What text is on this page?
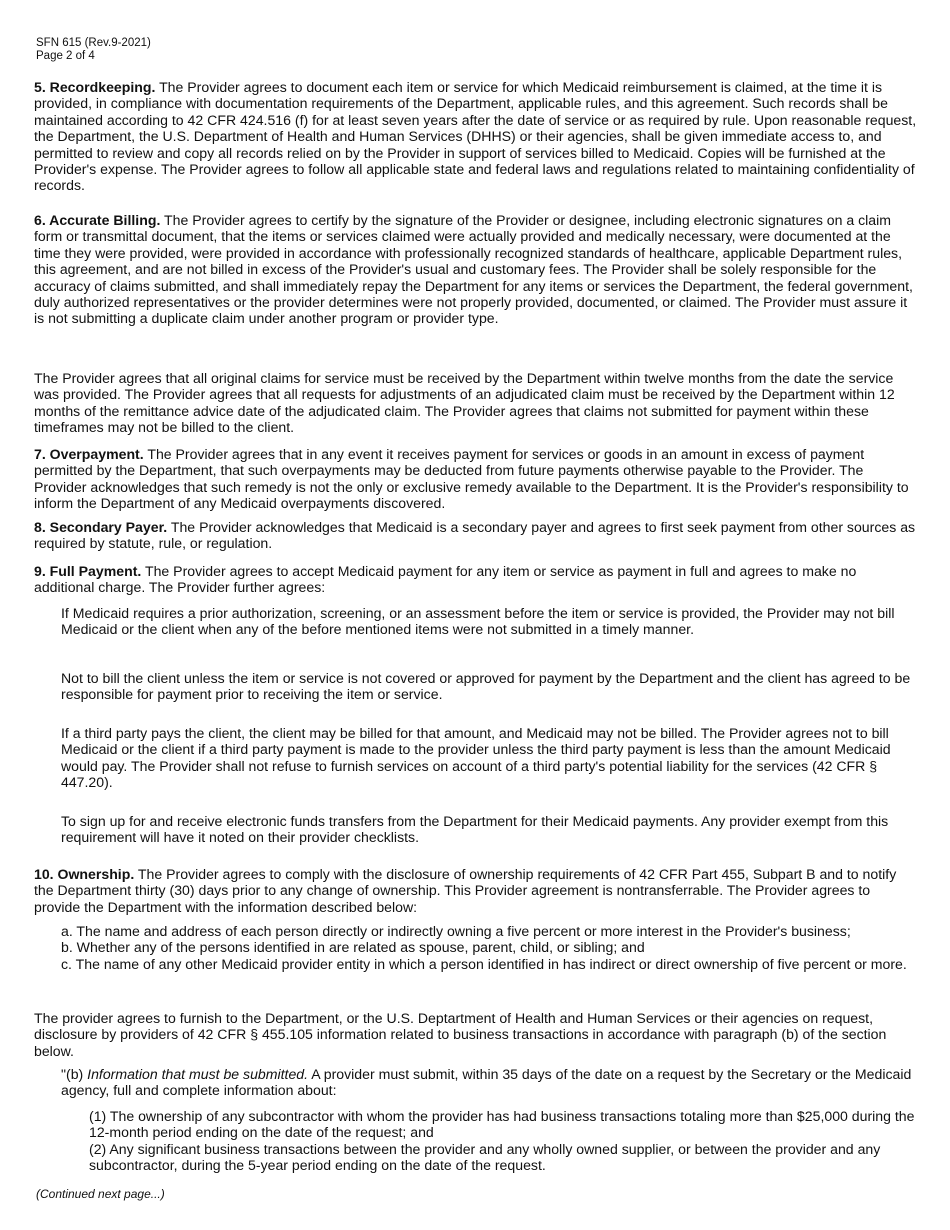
SFN 615 (Rev.9-2021)
Page 2 of 4

5. Recordkeeping. The Provider agrees to document each item or service for which Medicaid reimbursement is claimed, at the time it is provided, in compliance with documentation requirements of the Department, applicable rules, and this agreement. Such records shall be maintained according to 42 CFR 424.516 (f) for at least seven years after the date of service or as required by rule. Upon reasonable request, the Department, the U.S. Department of Health and Human Services (DHHS) or their agencies, shall be given immediate access to, and permitted to review and copy all records relied on by the Provider in support of services billed to Medicaid. Copies will be furnished at the Provider's expense. The Provider agrees to follow all applicable state and federal laws and regulations related to maintaining confidentiality of records.

6. Accurate Billing. The Provider agrees to certify by the signature of the Provider or designee, including electronic signatures on a claim form or transmittal document, that the items or services claimed were actually provided and medically necessary, were documented at the time they were provided, were provided in accordance with professionally recognized standards of healthcare, applicable Department rules, this agreement, and are not billed in excess of the Provider's usual and customary fees. The Provider shall be solely responsible for the accuracy of claims submitted, and shall immediately repay the Department for any items or services the Department, the federal government, duly authorized representatives or the provider determines were not properly provided, documented, or claimed. The Provider must assure it is not submitting a duplicate claim under another program or provider type.

The Provider agrees that all original claims for service must be received by the Department within twelve months from the date the service was provided. The Provider agrees that all requests for adjustments of an adjudicated claim must be received by the Department within 12 months of the remittance advice date of the adjudicated claim. The Provider agrees that claims not submitted for payment within these timeframes may not be billed to the client.

7. Overpayment. The Provider agrees that in any event it receives payment for services or goods in an amount in excess of payment permitted by the Department, that such overpayments may be deducted from future payments otherwise payable to the Provider. The Provider acknowledges that such remedy is not the only or exclusive remedy available to the Department. It is the Provider's responsibility to inform the Department of any Medicaid overpayments discovered.

8. Secondary Payer. The Provider acknowledges that Medicaid is a secondary payer and agrees to first seek payment from other sources as required by statute, rule, or regulation.

9. Full Payment. The Provider agrees to accept Medicaid payment for any item or service as payment in full and agrees to make no additional charge. The Provider further agrees:

If Medicaid requires a prior authorization, screening, or an assessment before the item or service is provided, the Provider may not bill Medicaid or the client when any of the before mentioned items were not submitted in a timely manner.

Not to bill the client unless the item or service is not covered or approved for payment by the Department and the client has agreed to be responsible for payment prior to receiving the item or service.

If a third party pays the client, the client may be billed for that amount, and Medicaid may not be billed. The Provider agrees not to bill Medicaid or the client if a third party payment is made to the provider unless the third party payment is less than the amount Medicaid would pay. The Provider shall not refuse to furnish services on account of a third party's potential liability for the services (42 CFR § 447.20).

To sign up for and receive electronic funds transfers from the Department for their Medicaid payments. Any provider exempt from this requirement will have it noted on their provider checklists.

10. Ownership. The Provider agrees to comply with the disclosure of ownership requirements of 42 CFR Part 455, Subpart B and to notify the Department thirty (30) days prior to any change of ownership. This Provider agreement is nontransferrable. The Provider agrees to provide the Department with the information described below:

a. The name and address of each person directly or indirectly owning a five percent or more interest in the Provider's business;
b. Whether any of the persons identified in are related as spouse, parent, child, or sibling; and
c. The name of any other Medicaid provider entity in which a person identified in has indirect or direct ownership of five percent or more.

The provider agrees to furnish to the Department, or the U.S. Deptartment of Health and Human Services or their agencies on request, disclosure by providers of 42 CFR § 455.105 information related to business transactions in accordance with paragraph (b) of the section below.

"(b) Information that must be submitted. A provider must submit, within 35 days of the date on a request by the Secretary or the Medicaid agency, full and complete information about:

(1) The ownership of any subcontractor with whom the provider has had business transactions totaling more than $25,000 during the 12-month period ending on the date of the request; and
(2) Any significant business transactions between the provider and any wholly owned supplier, or between the provider and any subcontractor, during the 5-year period ending on the date of the request.
(Continued next page...)
